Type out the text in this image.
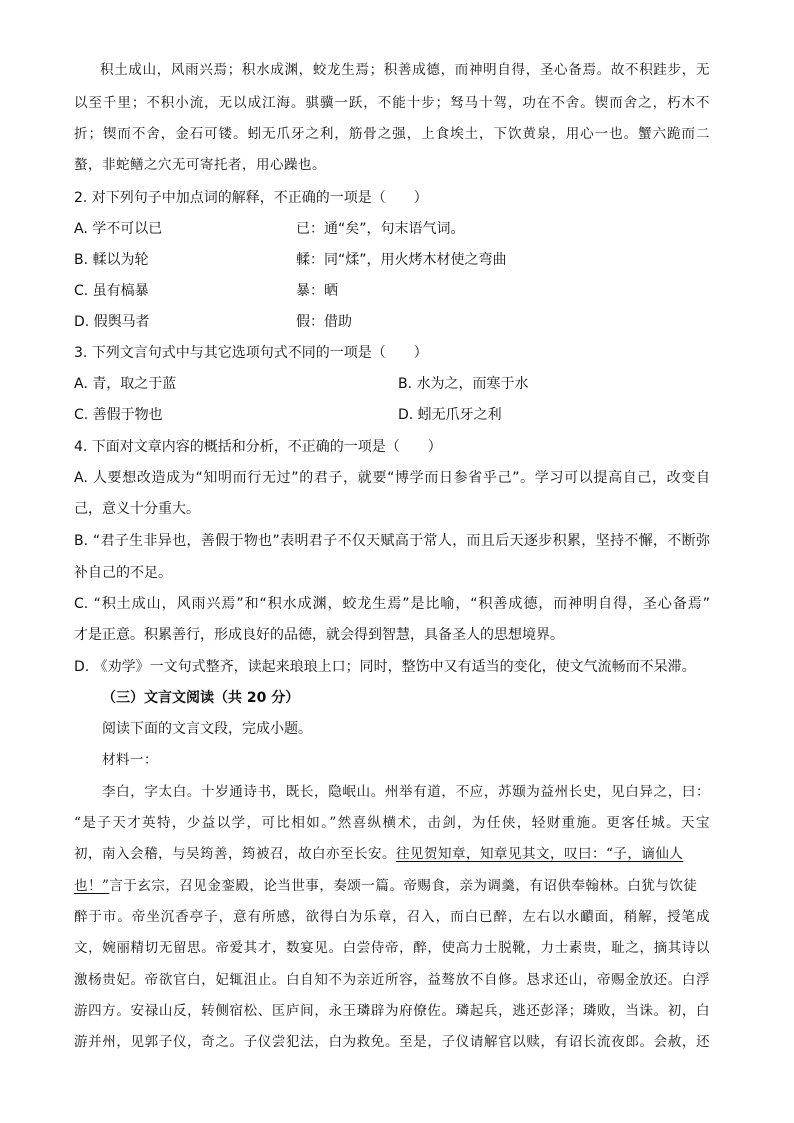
积土成山，风雨兴焉；积水成渊，蛟龙生焉；积善成德，而神明自得，圣心备焉。故不积跬步，无
以至千里；不积小流，无以成江海。骐骥一跃，不能十步；驽马十驾，功在不舍。锲而舍之，朽木不
折；锲而不舍，金石可镂。蚓无爪牙之利，筋骨之强，上食埃土，下饮黄泉，用心一也。蟹六跪而二
螯，非蛇鳝之穴无可寄托者，用心躁也。
2. 对下列句子中加点词的解释，不正确的一项是（　　）
A. 学不可以已	已：通“矣”，句末语气词。
B. 輮以为轮	輮：同“煣”，用火烤木材使之弯曲
C. 虽有槁暴	暴：晒
D. 假舆马者	假：借助
3. 下列文言句式中与其它选项句式不同的一项是（　　）
A. 青，取之于蓝	B. 水为之，而寒于水
C. 善假于物也	D. 蚓无爪牙之利
4. 下面对文章内容的概括和分析，不正确的一项是（　　）
A. 人要想改造成为“知明而行无过”的君子，就要“博学而日参省乎己”。学习可以提高自己，改变自
己，意义十分重大。
B. “君子生非异也，善假于物也”表明君子不仅天赋高于常人，而且后天逐步积累，坚持不懈，不断弥
补自己的不足。
C. “积土成山，风雨兴焉”和“积水成渊，蛟龙生焉”是比喻，“积善成德，而神明自得，圣心备焉”
才是正意。积累善行，形成良好的品德，就会得到智慧，具备圣人的思想境界。
D. 《劝学》一文句式整齐，读起来琅琅上口；同时，整饬中又有适当的变化，使文气流畅而不呆滞。
（三）文言文阅读（共 20 分）
阅读下面的文言文段，完成小题。
材料一：
李白，字太白。十岁通诗书，既长，隐岷山。州举有道，不应，苏颋为益州长史，见白异之，曰：
“是子天才英特，少益以学，可比相如。”然喜纵横术，击剑，为任侠，轻财重施。更客任城。天宝
初，南入会稽，与吴筠善，筠被召，故白亦至长安。往见贺知章，知章见其文，叹曰：“子，谪仙人
也！”言于玄宗，召见金銮殿，论当世事，奏颂一篇。帝赐食，亲为调羹，有诏供奉翰林。白犹与饮徒
醉于市。帝坐沉香亭子，意有所感，欲得白为乐章，召入，而白已醉，左右以水靧面，稍解，授笔成
文，婉丽精切无留思。帝爱其才，数宴见。白尝侍帝，醉，使高力士脱靴，力士素贵，耻之，摘其诗以
激杨贵妃。帝欲官白，妃辄沮止。白自知不为亲近所容，益骜放不自修。恳求还山，帝赐金放还。白浮
游四方。安禄山反，转侧宿松、匡庐间，永王璘辟为府僚佐。璘起兵，逃还彭泽；璘败，当诛。初，白
游并州，见郭子仪，奇之。子仪尝犯法，白为救免。至是，子仪请解官以赎，有诏长流夜郎。会赦，还
